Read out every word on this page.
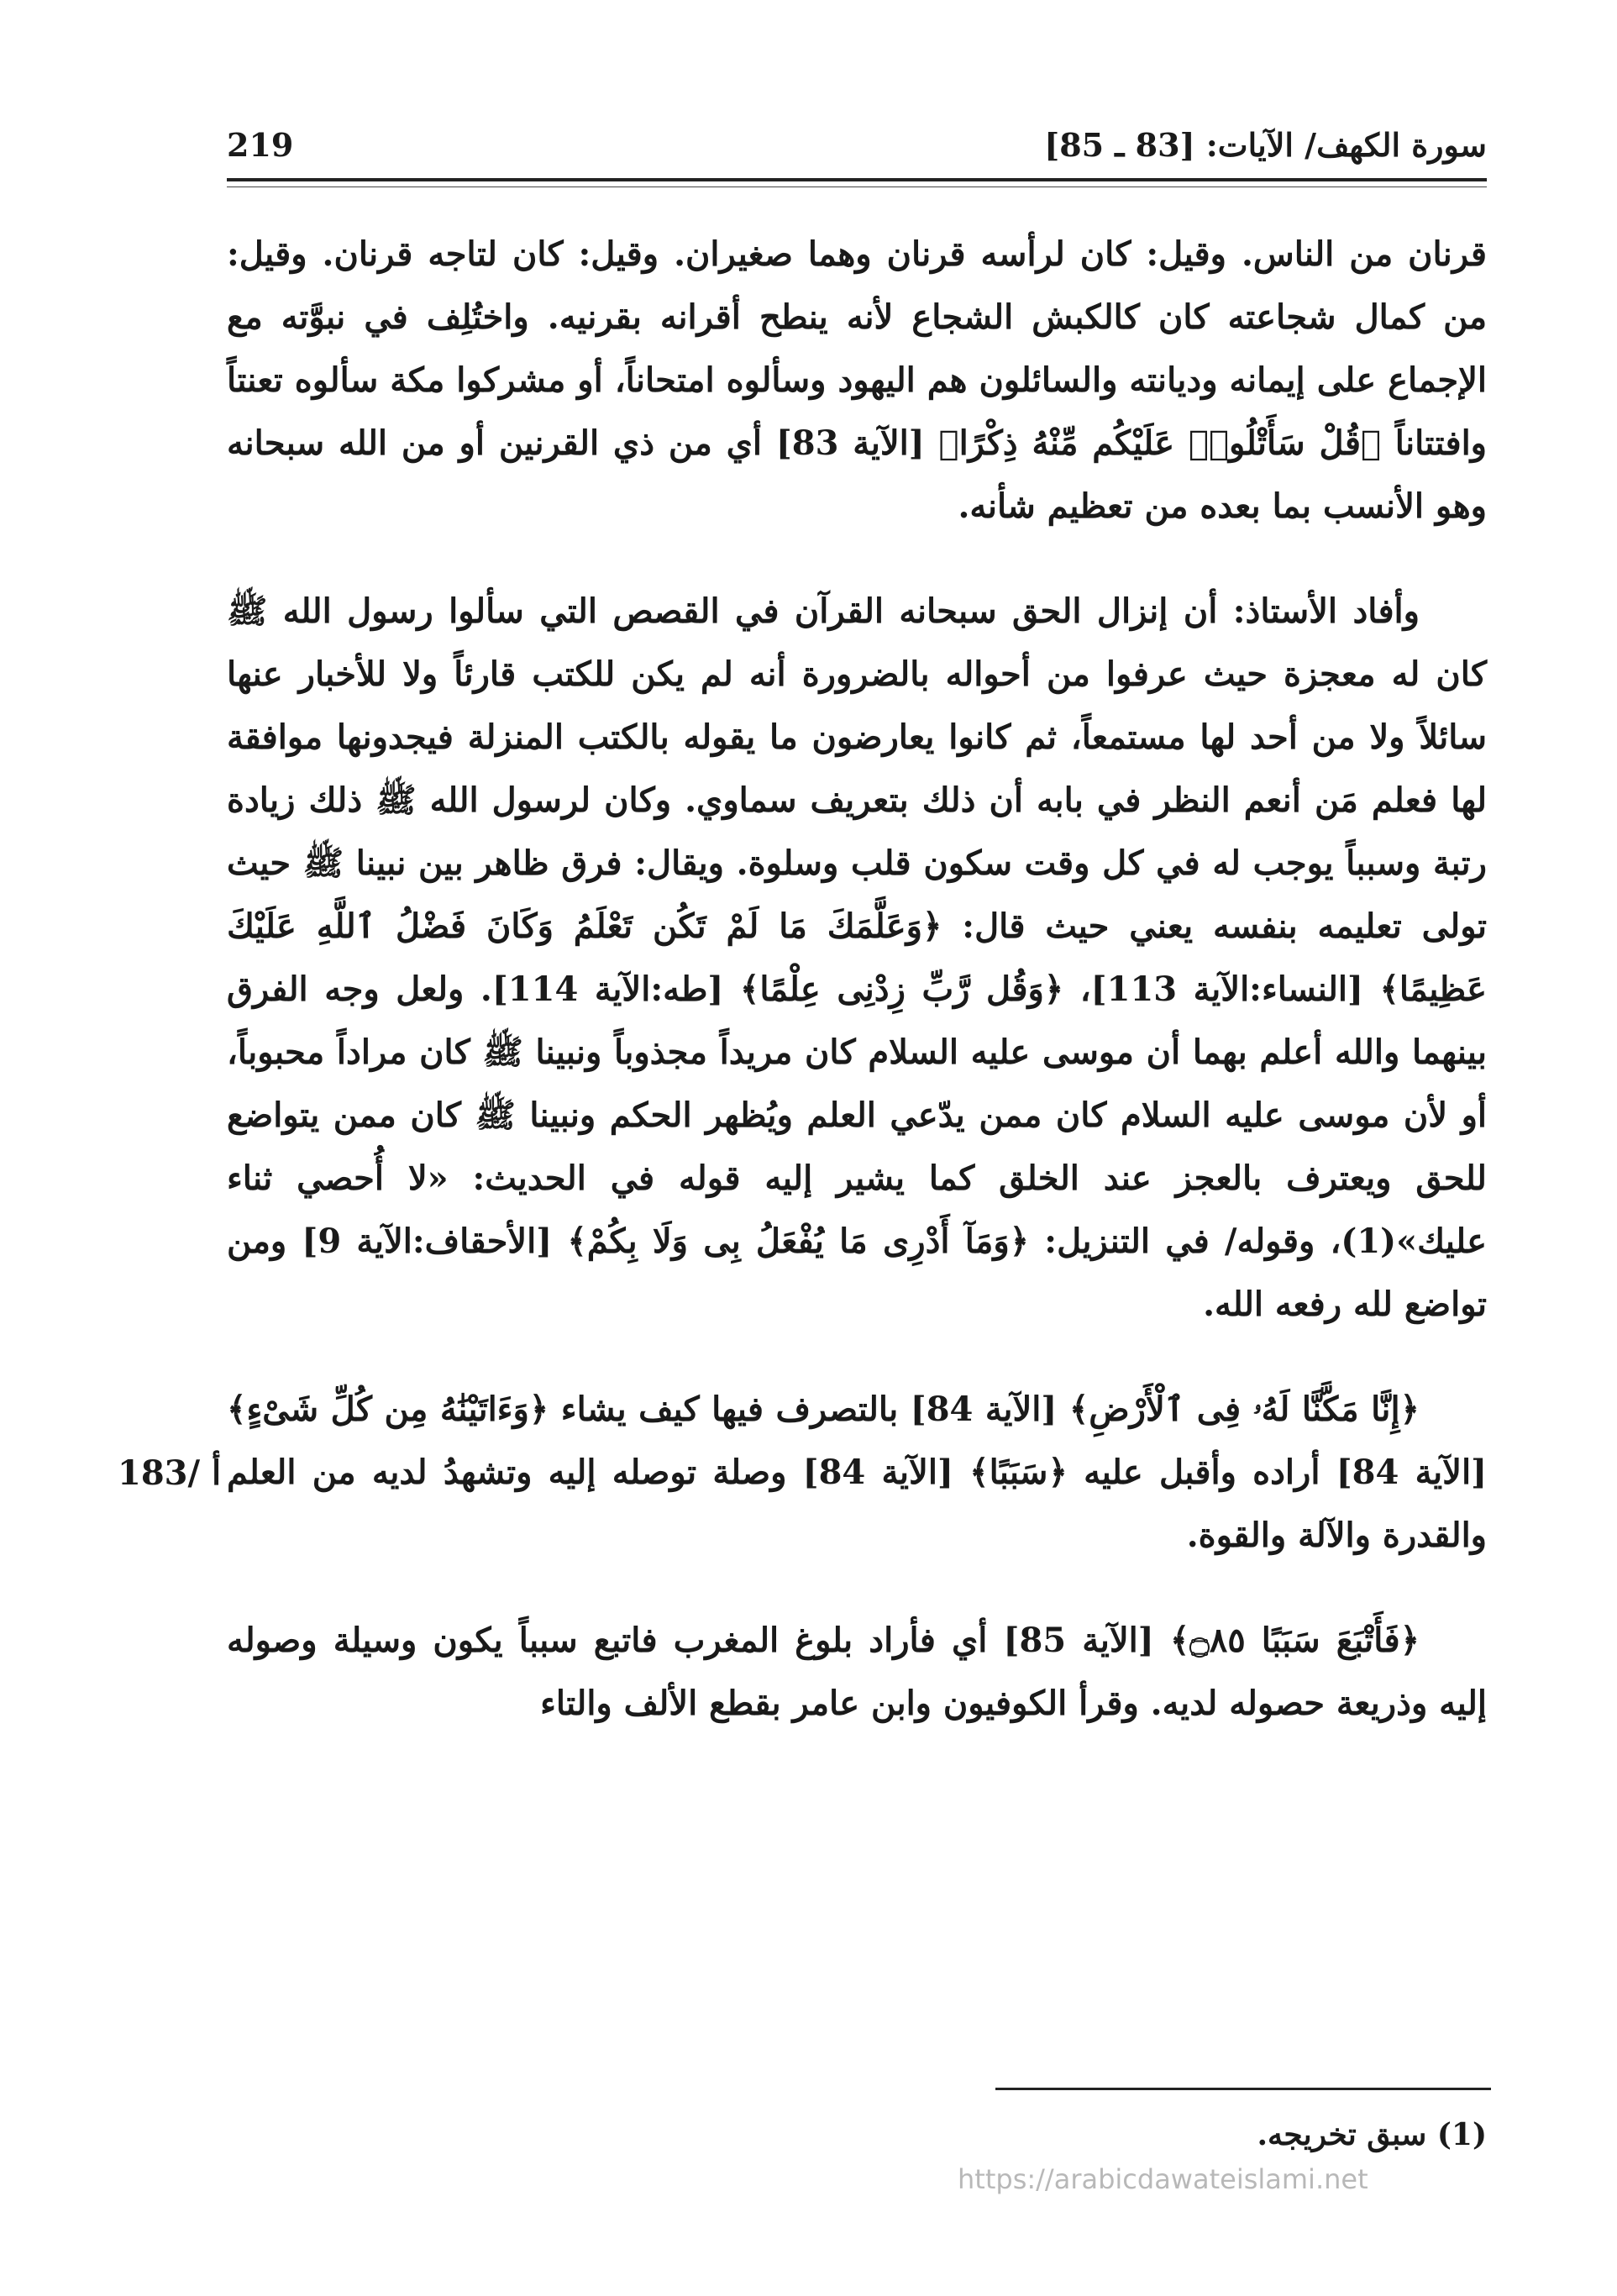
سورة الكهف/ الآيات: [83 ـ 85]
219

قرنان من الناس. وقيل: كان لرأسه قرنان وهما صغيران. وقيل: كان لتاجه قرنان. وقيل: من كمال شجاعته كان كالكبش الشجاع لأنه ينطح أقرانه بقرنيه. واختُلِف في نبوَّته مع الإجماع على إيمانه وديانته والسائلون هم اليهود وسألوه امتحاناً، أو مشركوا مكة سألوه تعنتاً وافتتاناً ﴿قُلْ سَأَتْلُوا۟ عَلَيْكُم مِّنْهُ ذِكْرًا﴾ [الآية 83] أي من ذي القرنين أو من الله سبحانه وهو الأنسب بما بعده من تعظيم شأنه.

وأفاد الأستاذ: أن إنزال الحق سبحانه القرآن في القصص التي سألوا رسول الله ﷺ كان له معجزة حيث عرفوا من أحواله بالضرورة أنه لم يكن للكتب قارئاً ولا للأخبار عنها سائلاً ولا من أحد لها مستمعاً، ثم كانوا يعارضون ما يقوله بالكتب المنزلة فيجدونها موافقة لها فعلم مَن أنعم النظر في بابه أن ذلك بتعريف سماوي. وكان لرسول الله ﷺ ذلك زيادة رتبة وسبباً يوجب له في كل وقت سكون قلب وسلوة. ويقال: فرق ظاهر بين نبينا ﷺ حيث تولى تعليمه بنفسه يعني حيث قال: ﴿وَعَلَّمَكَ مَا لَمْ تَكُن تَعْلَمُ وَكَانَ فَضْلُ ٱللَّهِ عَلَيْكَ عَظِيمًا﴾ [النساء:الآية 113]، ﴿وَقُل رَّبِّ زِدْنِى عِلْمًا﴾ [طه:الآية 114]. ولعل وجه الفرق بينهما والله أعلم بهما أن موسى عليه السلام كان مريداً مجذوباً ونبينا ﷺ كان مراداً محبوباً، أو لأن موسى عليه السلام كان ممن يدّعي العلم ويُظهر الحكم ونبينا ﷺ كان ممن يتواضع للحق ويعترف بالعجز عند الخلق كما يشير إليه قوله في الحديث: «لا أُحصي ثناء عليك»(1)، وقوله/ في التنزيل: ﴿وَمَآ أَدْرِى مَا يُفْعَلُ بِى وَلَا بِكُمْ﴾ [الأحقاف:الآية 9] ومن تواضع لله رفعه الله.

﴿إِنَّا مَكَّنَّا لَهُۥ فِى ٱلْأَرْضِ﴾ [الآية 84] بالتصرف فيها كيف يشاء ﴿وَءَاتَيْنَٰهُ مِن كُلِّ شَىْءٍ﴾ [الآية 84] أراده وأقبل عليه ﴿سَبَبًا﴾ [الآية 84] وصلة توصله إليه وتشهدُ لديه من العلم والقدرة والآلة والقوة.

﴿فَأَتْبَعَ سَبَبًا ۝٨٥﴾ [الآية 85] أي فأراد بلوغ المغرب فاتبع سبباً يكون وسيلة وصوله إليه وذريعة حصوله لديه. وقرأ الكوفيون وابن عامر بقطع الألف والتاء

183/ أ
(1) سبق تخريجه.
https://arabicdawateislami.net
